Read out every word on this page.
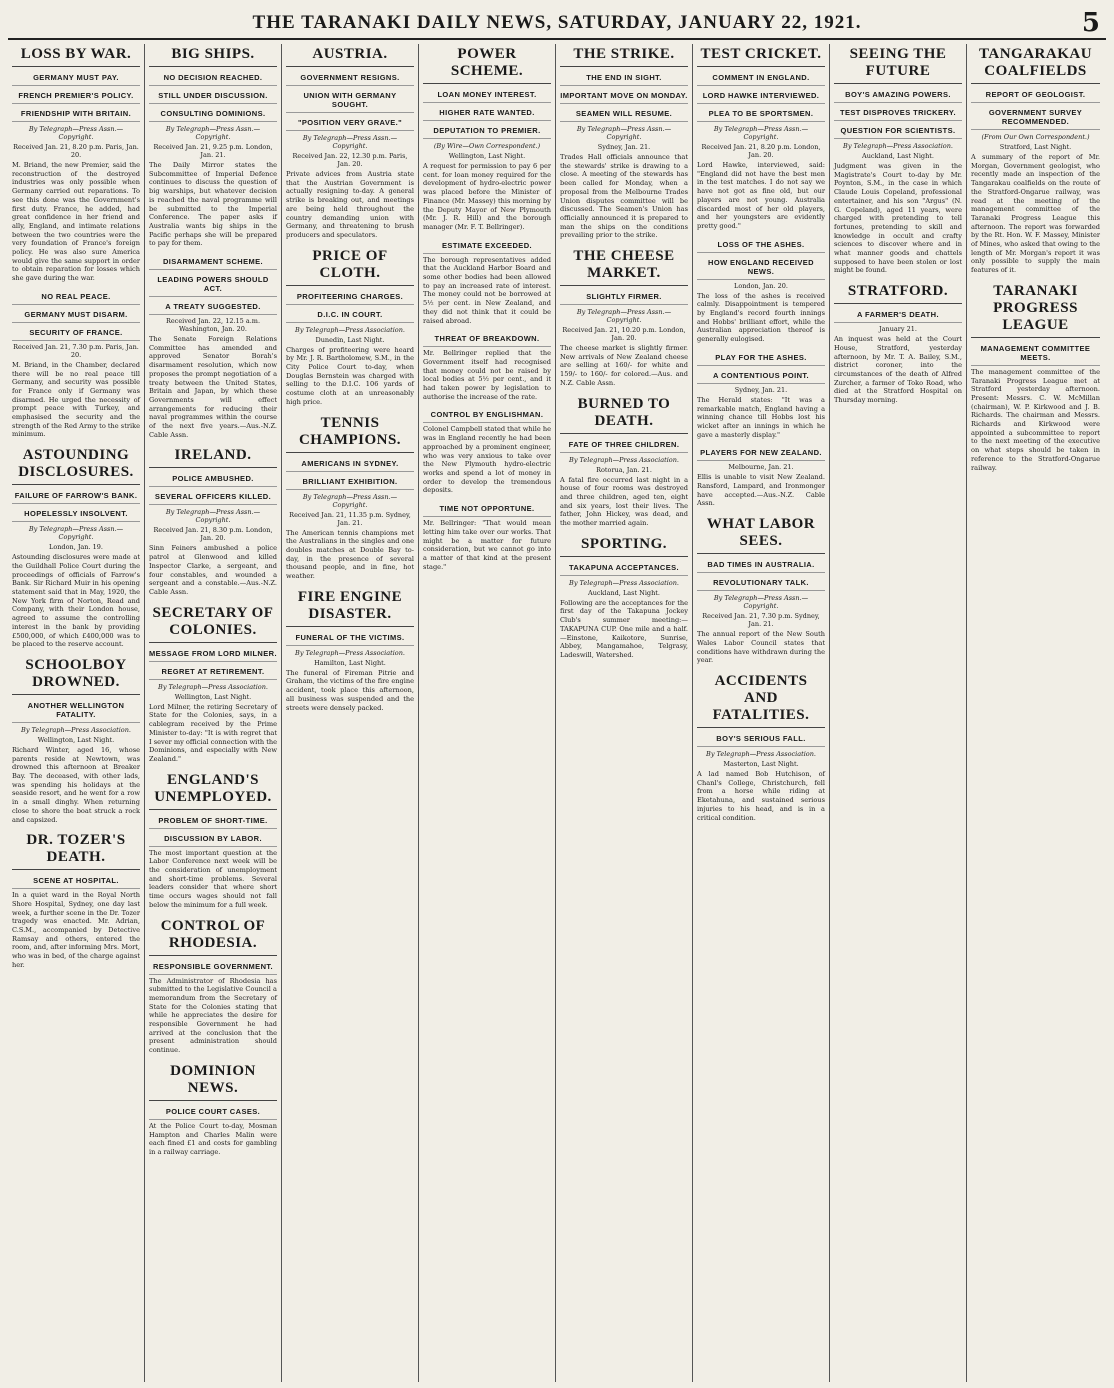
THE TARANAKI DAILY NEWS, SATURDAY, JANUARY 22, 1921.	5
LOSS BY WAR.
GERMANY MUST PAY.
FRENCH PREMIER'S POLICY.
FRIENDSHIP WITH BRITAIN.
By Telegraph—Press Assn.—Copyright.
Received Jan. 21, 8.20 p.m. Paris, Jan. 20.
M. Briand, the new Premier, said the reconstruction of the destroyed industries was only possible when Germany carried out reparations. To see this done was the Government's first duty. France, he added, had great confidence in her friend and ally, England, and intimate relations between the two countries were the very foundation of France's foreign policy. He was also sure America would give the same support in order to obtain reparation for losses which she gave during the war.
NO REAL PEACE.
GERMANY MUST DISARM.
SECURITY OF FRANCE.
Received Jan. 21, 7.30 p.m. Paris, Jan. 20.
M. Briand, in the Chamber, declared there will be no real peace till Germany, and security was possible for France only if Germany was disarmed. He urged the necessity of prompt peace with Turkey, and emphasised the security and the strength of the Red Army to the strike minimum.
ASTOUNDING DISCLOSURES.
FAILURE OF FARROW'S BANK.
HOPELESSLY INSOLVENT.
By Telegraph—Press Assn.—Copyright.
London, Jan. 19.
Astounding disclosures were made at the Guildhall Police Court during the proceedings of officials of Farrow's Bank. Sir Richard Muir in his opening statement said that in May, 1920, the New York firm of Norton, Read and Company, with their London house, agreed to assume the controlling interest in the bank by providing £500,000, of which £400,000 was to be placed to the reserve account.
SCHOOLBOY DROWNED.
ANOTHER WELLINGTON FATALITY.
By Telegraph—Press Association.
Wellington, Last Night.
Richard Winter, aged 16, whose parents reside at Newtown, was drowned this afternoon at Breaker Bay. The deceased, with other lads, was spending his holidays at the seaside resort, and he went for a row in a small dinghy. When returning close to shore the boat struck a rock and capsized.
DR. TOZER'S DEATH.
SCENE AT HOSPITAL.
In a quiet ward in the Royal North Shore Hospital, Sydney, one day last week, a further scene in the Dr. Tozer tragedy was enacted. Mr. Adrian, C.S.M., accompanied by Detective Ramsay and others, entered the room, and, after informing Mrs. Mort, who was in bed, of the charge against her.
BIG SHIPS.
NO DECISION REACHED.
STILL UNDER DISCUSSION.
CONSULTING DOMINIONS.
By Telegraph—Press Assn.—Copyright.
Received Jan. 21, 9.25 p.m. London, Jan. 21.
The Daily Mirror states the Subcommittee of Imperial Defence continues to discuss the question of big warships, but whatever decision is reached the naval programme will be submitted to the Imperial Conference. The paper asks if Australia wants big ships in the Pacific perhaps she will be prepared to pay for them.
DISARMAMENT SCHEME.
LEADING POWERS SHOULD ACT.
A TREATY SUGGESTED.
Received Jan. 22, 12.15 a.m. Washington, Jan. 20.
The Senate Foreign Relations Committee has amended and approved Senator Borah's disarmament resolution, which now proposes the prompt negotiation of a treaty between the United States, Britain and Japan, by which these Governments will effect arrangements for reducing their naval programmes within the course of the next five years.—Aus.-N.Z. Cable Assn.
IRELAND.
POLICE AMBUSHED.
SEVERAL OFFICERS KILLED.
By Telegraph—Press Assn.—Copyright.
Received Jan. 21, 8.30 p.m. London, Jan. 20.
Sinn Feiners ambushed a police patrol at Glenwood and killed Inspector Clarke, a sergeant, and four constables, and wounded a sergeant and a constable.—Aus.-N.Z. Cable Assn.
SECRETARY OF COLONIES.
MESSAGE FROM LORD MILNER.
REGRET AT RETIREMENT.
By Telegraph—Press Association.
Wellington, Last Night.
Lord Milner, the retiring Secretary of State for the Colonies, says, in a cablegram received by the Prime Minister to-day: "It is with regret that I sever my official connection with the Dominions, and especially with New Zealand."
ENGLAND'S UNEMPLOYED.
PROBLEM OF SHORT-TIME.
DISCUSSION BY LABOR.
The most important question at the Labor Conference next week will be the consideration of unemployment and short-time problems. Several leaders consider that where short time occurs wages should not fall below the minimum for a full week.
CONTROL OF RHODESIA.
RESPONSIBLE GOVERNMENT.
The Administrator of Rhodesia has submitted to the Legislative Council a memorandum from the Secretary of State for the Colonies stating that while he appreciates the desire for responsible Government he had arrived at the conclusion that the present administration should continue.
DOMINION NEWS.
POLICE COURT CASES.
At the Police Court to-day, Mosman Hampton and Charles Malin were each fined £1 and costs for gambling in a railway carriage.
AUSTRIA.
GOVERNMENT RESIGNS.
UNION WITH GERMANY SOUGHT.
"POSITION VERY GRAVE."
By Telegraph—Press Assn.—Copyright.
Received Jan. 22, 12.30 p.m. Paris, Jan. 20.
Private advices from Austria state that the Austrian Government is actually resigning to-day. A general strike is breaking out, and meetings are being held throughout the country demanding union with Germany, and threatening to brush producers and speculators.
PRICE OF CLOTH.
PROFITEERING CHARGES.
D.I.C. IN COURT.
By Telegraph—Press Association.
Dunedin, Last Night.
Charges of profiteering were heard by Mr. J. R. Bartholomew, S.M., in the City Police Court to-day, when Douglas Bernstein was charged with selling to the D.I.C. 106 yards of costume cloth at an unreasonably high price.
TENNIS CHAMPIONS.
AMERICANS IN SYDNEY.
BRILLIANT EXHIBITION.
By Telegraph—Press Assn.—Copyright.
Received Jan. 21, 11.35 p.m. Sydney, Jan. 21.
The American tennis champions met the Australians in the singles and one doubles matches at Double Bay to-day, in the presence of several thousand people, and in fine, hot weather.
FIRE ENGINE DISASTER.
FUNERAL OF THE VICTIMS.
By Telegraph—Press Association.
Hamilton, Last Night.
The funeral of Fireman Pitrie and Graham, the victims of the fire engine accident, took place this afternoon, all business was suspended and the streets were densely packed.
POWER SCHEME.
LOAN MONEY INTEREST.
HIGHER RATE WANTED.
DEPUTATION TO PREMIER.
(By Wire—Own Correspondent.)
Wellington, Last Night.
A request for permission to pay 6 per cent. for loan money required for the development of hydro-electric power was placed before the Minister of Finance (Mr. Massey) this morning by the Deputy Mayor of New Plymouth (Mr. J. R. Hill) and the borough manager (Mr. F. T. Bellringer).
ESTIMATE EXCEEDED.
The borough representatives added that the Auckland Harbor Board and some other bodies had been allowed to pay an increased rate of interest. The money could not be borrowed at 5½ per cent. in New Zealand, and they did not think that it could be raised abroad.
THREAT OF BREAKDOWN.
Mr. Bellringer replied that the Government itself had recognised that money could not be raised by local bodies at 5½ per cent., and it had taken power by legislation to authorise the increase of the rate.
CONTROL BY ENGLISHMAN.
Colonel Campbell stated that while he was in England recently he had been approached by a prominent engineer, who was very anxious to take over the New Plymouth hydro-electric works and spend a lot of money in order to develop the tremendous deposits.
TIME NOT OPPORTUNE.
Mr. Bellringer: "That would mean letting him take over our works. That might be a matter for future consideration, but we cannot go into a matter of that kind at the present stage."
THE STRIKE.
THE END IN SIGHT.
IMPORTANT MOVE ON MONDAY.
SEAMEN WILL RESUME.
By Telegraph—Press Assn.—Copyright.
Sydney, Jan. 21.
Trades Hall officials announce that the stewards' strike is drawing to a close. A meeting of the stewards has been called for Monday, when a proposal from the Melbourne Trades Union disputes committee will be discussed. The Seamen's Union has officially announced it is prepared to man the ships on the conditions prevailing prior to the strike.
THE CHEESE MARKET.
SLIGHTLY FIRMER.
By Telegraph—Press Assn.—Copyright.
Received Jan. 21, 10.20 p.m. London, Jan. 20.
The cheese market is slightly firmer. New arrivals of New Zealand cheese are selling at 160/- for white and 159/- to 160/- for colored.—Aus. and N.Z. Cable Assn.
BURNED TO DEATH.
FATE OF THREE CHILDREN.
By Telegraph—Press Association.
Rotorua, Jan. 21.
A fatal fire occurred last night in a house of four rooms was destroyed and three children, aged ten, eight and six years, lost their lives. The father, John Hickey, was dead, and the mother married again.
SPORTING.
TAKAPUNA ACCEPTANCES.
By Telegraph—Press Association.
Auckland, Last Night.
Following are the acceptances for the first day of the Takapuna Jockey Club's summer meeting:— TAKAPUNA CUP. One mile and a half.—Einstone, Kaikotore, Sunrise, Abbey, Mangamahoe, Telgrasy, Ladeswill, Watershed.
TEST CRICKET.
COMMENT IN ENGLAND.
LORD HAWKE INTERVIEWED.
PLEA TO BE SPORTSMEN.
By Telegraph—Press Assn.—Copyright.
Received Jan. 21, 8.20 p.m. London, Jan. 20.
Lord Hawke, interviewed, said: "England did not have the best men in the test matches. I do not say we have not got as fine old, but our players are not young. Australia discarded most of her old players, and her youngsters are evidently pretty good."
LOSS OF THE ASHES.
HOW ENGLAND RECEIVED NEWS.
London, Jan. 20.
The loss of the ashes is received calmly. Disappointment is tempered by England's record fourth innings and Hobbs' brilliant effort, while the Australian appreciation thereof is generally eulogised.
PLAY FOR THE ASHES.
A CONTENTIOUS POINT.
Sydney, Jan. 21.
The Herald states: "It was a remarkable match, England having a winning chance till Hobbs lost his wicket after an innings in which he gave a masterly display."
PLAYERS FOR NEW ZEALAND.
Melbourne, Jan. 21.
Ellis is unable to visit New Zealand. Ransford, Lampard, and Ironmonger have accepted.—Aus.-N.Z. Cable Assn.
WHAT LABOR SEES.
BAD TIMES IN AUSTRALIA.
REVOLUTIONARY TALK.
By Telegraph—Press Assn.—Copyright.
Received Jan. 21, 7.30 p.m. Sydney, Jan. 21.
The annual report of the New South Wales Labor Council states that conditions have withdrawn during the year.
ACCIDENTS AND FATALITIES.
BOY'S SERIOUS FALL.
By Telegraph—Press Association.
Masterton, Last Night.
A lad named Bob Hutchison, of Chanl's College, Christchurch, fell from a horse while riding at Eketahuna, and sustained serious injuries to his head, and is in a critical condition.
SEEING THE FUTURE
BOY'S AMAZING POWERS.
TEST DISPROVES TRICKERY.
QUESTION FOR SCIENTISTS.
By Telegraph—Press Association.
Auckland, Last Night.
Judgment was given in the Magistrate's Court to-day by Mr. Poynton, S.M., in the case in which Claude Louis Copeland, professional entertainer, and his son "Argus" (N. G. Copeland), aged 11 years, were charged with pretending to tell fortunes, pretending to skill and knowledge in occult and crafty sciences to discover where and in what manner goods and chattels supposed to have been stolen or lost might be found.
STRATFORD.
A FARMER'S DEATH.
January 21.
An inquest was held at the Court House, Stratford, yesterday afternoon, by Mr. T. A. Bailey, S.M., district coroner, into the circumstances of the death of Alfred Zurcher, a farmer of Toko Road, who died at the Stratford Hospital on Thursday morning.
TANGARAKAU COALFIELDS
REPORT OF GEOLOGIST.
GOVERNMENT SURVEY RECOMMENDED.
(From Our Own Correspondent.)
Stratford, Last Night.
A summary of the report of Mr. Morgan, Government geologist, who recently made an inspection of the Tangarakau coalfields on the route of the Stratford-Ongarue railway, was read at the meeting of the management committee of the Taranaki Progress League this afternoon. The report was forwarded by the Rt. Hon. W. F. Massey, Minister of Mines, who asked that owing to the length of Mr. Morgan's report it was only possible to supply the main features of it.
TARANAKI PROGRESS LEAGUE
MANAGEMENT COMMITTEE MEETS.
The management committee of the Taranaki Progress League met at Stratford yesterday afternoon. Present: Messrs. C. W. McMillan (chairman), W. P. Kirkwood and J. B. Richards. The chairman and Messrs. Richards and Kirkwood were appointed a subcommittee to report to the next meeting of the executive on what steps should be taken in reference to the Stratford-Ongarue railway.
